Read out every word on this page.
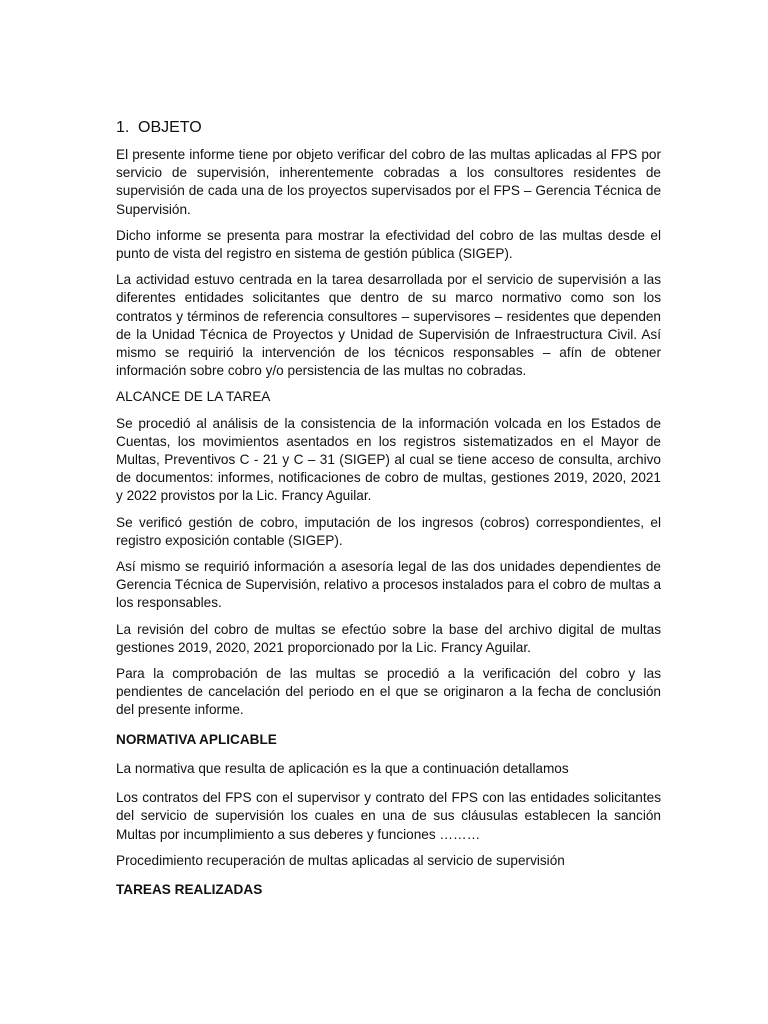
1. OBJETO

El presente informe tiene por objeto verificar del cobro de las multas aplicadas al FPS por servicio de supervisión, inherentemente cobradas a los consultores residentes de supervisión de cada una de los proyectos supervisados por el FPS – Gerencia Técnica de Supervisión.

Dicho informe se presenta para mostrar la efectividad del cobro de las multas desde el punto de vista del registro en sistema de gestión pública (SIGEP).

La actividad estuvo centrada en la tarea desarrollada por el servicio de supervisión a las diferentes entidades solicitantes que dentro de su marco normativo como son los contratos y términos de referencia consultores – supervisores – residentes que dependen de la Unidad Técnica de Proyectos y Unidad de Supervisión de Infraestructura Civil. Así mismo se requirió la intervención de los técnicos responsables – afín de obtener información sobre cobro y/o persistencia de las multas no cobradas.

ALCANCE DE LA TAREA

Se procedió al análisis de la consistencia de la información volcada en los Estados de Cuentas, los movimientos asentados en los registros sistematizados en el Mayor de Multas, Preventivos C - 21 y C – 31 (SIGEP) al cual se tiene acceso de consulta, archivo de documentos: informes, notificaciones de cobro de multas, gestiones 2019, 2020, 2021 y 2022 provistos por la Lic. Francy Aguilar.

Se verificó gestión de cobro, imputación de los ingresos (cobros) correspondientes, el registro exposición contable (SIGEP).

Así mismo se requirió información a asesoría legal de las dos unidades dependientes de Gerencia Técnica de Supervisión, relativo a procesos instalados para el cobro de multas a los responsables.

La revisión del cobro de multas se efectúo sobre la base del archivo digital de multas gestiones 2019, 2020, 2021 proporcionado por la Lic. Francy Aguilar.

Para la comprobación de las multas se procedió a la verificación del cobro y las pendientes de cancelación del periodo en el que se originaron a la fecha de conclusión del presente informe.

NORMATIVA APLICABLE

La normativa que resulta de aplicación es la que a continuación detallamos

Los contratos del FPS con el supervisor y contrato del FPS con las entidades solicitantes del servicio de supervisión los cuales en una de sus cláusulas establecen la sanción Multas por incumplimiento a sus deberes y funciones ………

Procedimiento recuperación de multas aplicadas al servicio de supervisión

TAREAS REALIZADAS
